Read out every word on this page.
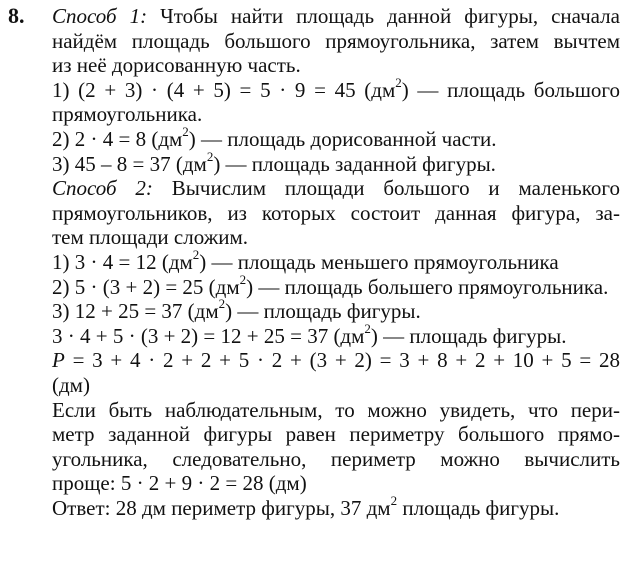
8. Способ 1: Чтобы найти площадь данной фигуры, сначала
найдём площадь большого прямоугольника, затем вычтем
из неё дорисованную часть.
1) (2 + 3) · (4 + 5) = 5 · 9 = 45 $(дм^2)$ — площадь большого
прямоугольника.
2) 2 · 4 = 8 $(дм^2)$ — площадь дорисованной части.
3) 45 – 8 = 37 $(дм^2)$ — площадь заданной фигуры.
Способ 2: Вычислим площади большого и маленького
прямоугольников, из которых состоит данная фигура, за-
тем площади сложим.
1) 3 · 4 = 12 $(дм^2)$ — площадь меньшего прямоугольника
2) 5 · (3 + 2) = 25 $(дм^2)$ — площадь большего прямоугольника.
3) 12 + 25 = 37 $(дм^2)$ — площадь фигуры.
3 · 4 + 5 · (3 + 2) = 12 + 25 = 37 $(дм^2)$ — площадь фигуры.
P = 3 + 4 · 2 + 2 + 5 · 2 + (3 + 2) = 3 + 8 + 2 + 10 + 5 = 28
(дм)
Если быть наблюдательным, то можно увидеть, что пери-
метр заданной фигуры равен периметру большого прямо-
угольника, следовательно, периметр можно вычислить
проще: 5 · 2 + 9 · 2 = 28 (дм)
Ответ: 28 дм периметр фигуры, 37 $дм^2$ площадь фигуры.
